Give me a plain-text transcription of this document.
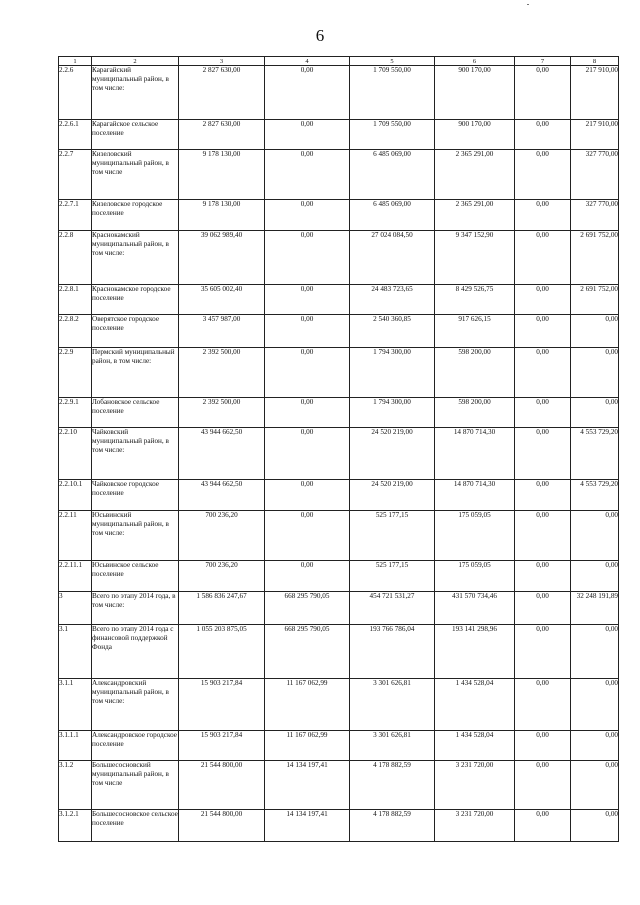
6
1	2	3	4	5	6	7	8
2.2.6	Карагайский муниципальный район, в том числе:	2 827 630,00	0,00	1 709 550,00	900 170,00	0,00	217 910,00
2.2.6.1	Карагайское сельское поселение	2 827 630,00	0,00	1 709 550,00	900 170,00	0,00	217 910,00
2.2.7	Кизеловский муниципальный район, в том числе	9 178 130,00	0,00	6 485 069,00	2 365 291,00	0,00	327 770,00
2.2.7.1	Кизеловское городское поселение	9 178 130,00	0,00	6 485 069,00	2 365 291,00	0,00	327 770,00
2.2.8	Краснокамский муниципальный район, в том числе:	39 062 989,40	0,00	27 024 084,50	9 347 152,90	0,00	2 691 752,00
2.2.8.1	Краснокамское городское поселение	35 605 002,40	0,00	24 483 723,65	8 429 526,75	0,00	2 691 752,00
2.2.8.2	Оверятское городское поселение	3 457 987,00	0,00	2 540 360,85	917 626,15	0,00	0,00
2.2.9	Пермский муниципальный район, в том числе:	2 392 500,00	0,00	1 794 300,00	598 200,00	0,00	0,00
2.2.9.1	Лобановское сельское поселение	2 392 500,00	0,00	1 794 300,00	598 200,00	0,00	0,00
2.2.10	Чайковский муниципальный район, в том числе:	43 944 662,50	0,00	24 520 219,00	14 870 714,30	0,00	4 553 729,20
2.2.10.1	Чайковское городское поселение	43 944 662,50	0,00	24 520 219,00	14 870 714,30	0,00	4 553 729,20
2.2.11	Юсьвинский муниципальный район, в том числе:	700 236,20	0,00	525 177,15	175 059,05	0,00	0,00
2.2.11.1	Юсьвинское сельское поселение	700 236,20	0,00	525 177,15	175 059,05	0,00	0,00
3	Всего по этапу 2014 года, в том числе:	1 586 836 247,67	668 295 790,05	454 721 531,27	431 570 734,46	0,00	32 248 191,89
3.1	Всего по этапу 2014 года с финансовой поддержкой Фонда	1 055 203 875,05	668 295 790,05	193 766 786,04	193 141 298,96	0,00	0,00
3.1.1	Александровский муниципальный район, в том числе:	15 903 217,84	11 167 062,99	3 301 626,81	1 434 528,04	0,00	0,00
3.1.1.1	Александровское городское поселение	15 903 217,84	11 167 062,99	3 301 626,81	1 434 528,04	0,00	0,00
3.1.2	Большесосновский муниципальный район, в том числе	21 544 800,00	14 134 197,41	4 178 882,59	3 231 720,00	0,00	0,00
3.1.2.1	Большесосновское сельское поселение	21 544 800,00	14 134 197,41	4 178 882,59	3 231 720,00	0,00	0,00
